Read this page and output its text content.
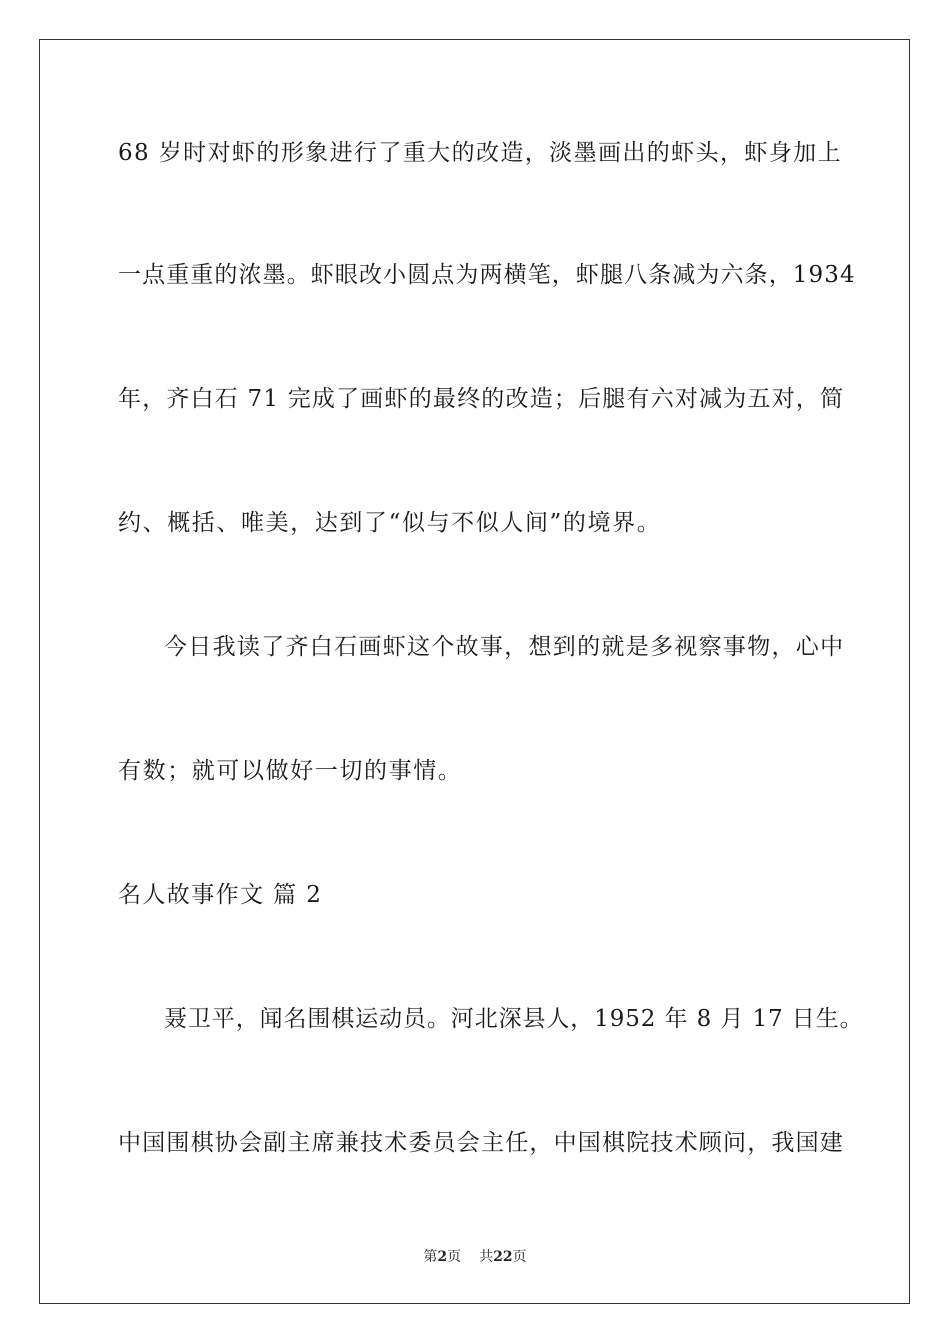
68 岁时对虾的形象进行了重大的改造，淡墨画出的虾头，虾身加上
一点重重的浓墨。虾眼改小圆点为两横笔，虾腿八条减为六条，1934
年，齐白石 71 完成了画虾的最终的改造；后腿有六对减为五对，简
约、概括、唯美，达到了“似与不似人间”的境界。
今日我读了齐白石画虾这个故事，想到的就是多视察事物，心中
有数；就可以做好一切的事情。
名人故事作文 篇 2
聂卫平，闻名围棋运动员。河北深县人，1952 年 8 月 17 日生。
中国围棋协会副主席兼技术委员会主任，中国棋院技术顾问，我国建
第2页 共22页
